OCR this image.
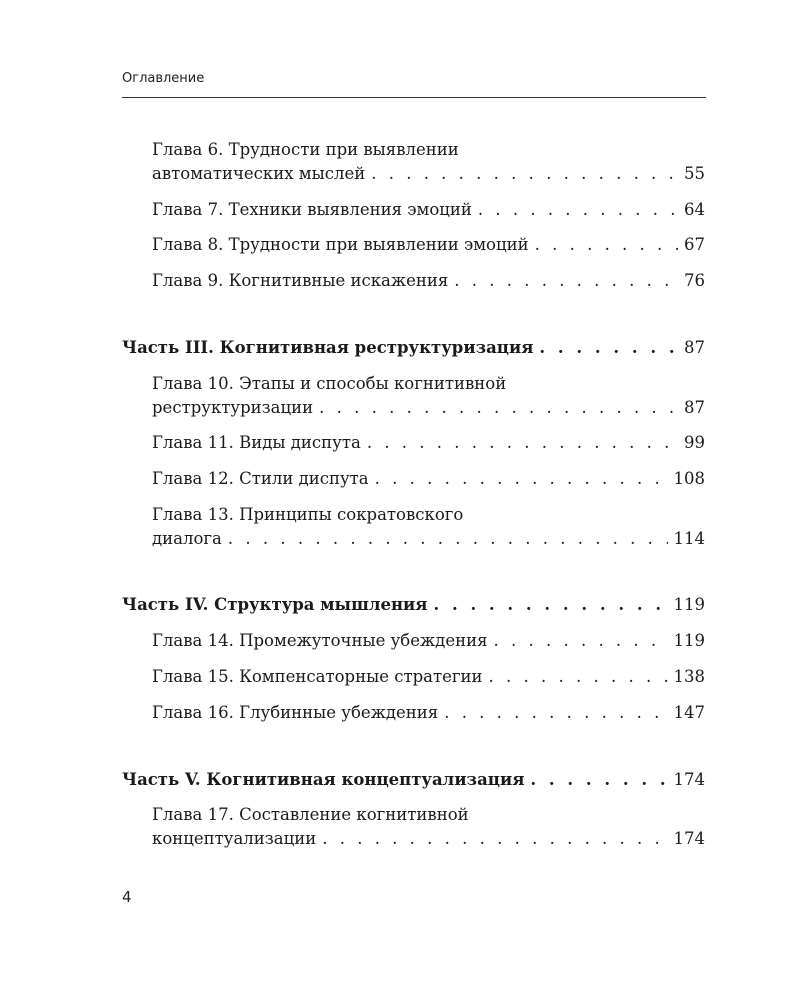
Оглавление
Глава 6. Трудности при выявлении
автоматических мыслей . . .	55
Глава 7. Техники выявления эмоций . . .	64
Глава 8. Трудности при выявлении эмоций . . .	67
Глава 9. Когнитивные искажения . . .	76
Часть III. Когнитивная реструктуризация . . .	87
Глава 10. Этапы и способы когнитивной
реструктуризации . . .	87
Глава 11. Виды диспута . . .	99
Глава 12. Стили диспута . . .	108
Глава 13. Принципы сократовского
диалога . . .	114
Часть IV. Структура мышления . . .	119
Глава 14. Промежуточные убеждения . . .	119
Глава 15. Компенсаторные стратегии . . .	138
Глава 16. Глубинные убеждения . . .	147
Часть V. Когнитивная концептуализация . . .	174
Глава 17. Составление когнитивной
концептуализации . . .	174
4
